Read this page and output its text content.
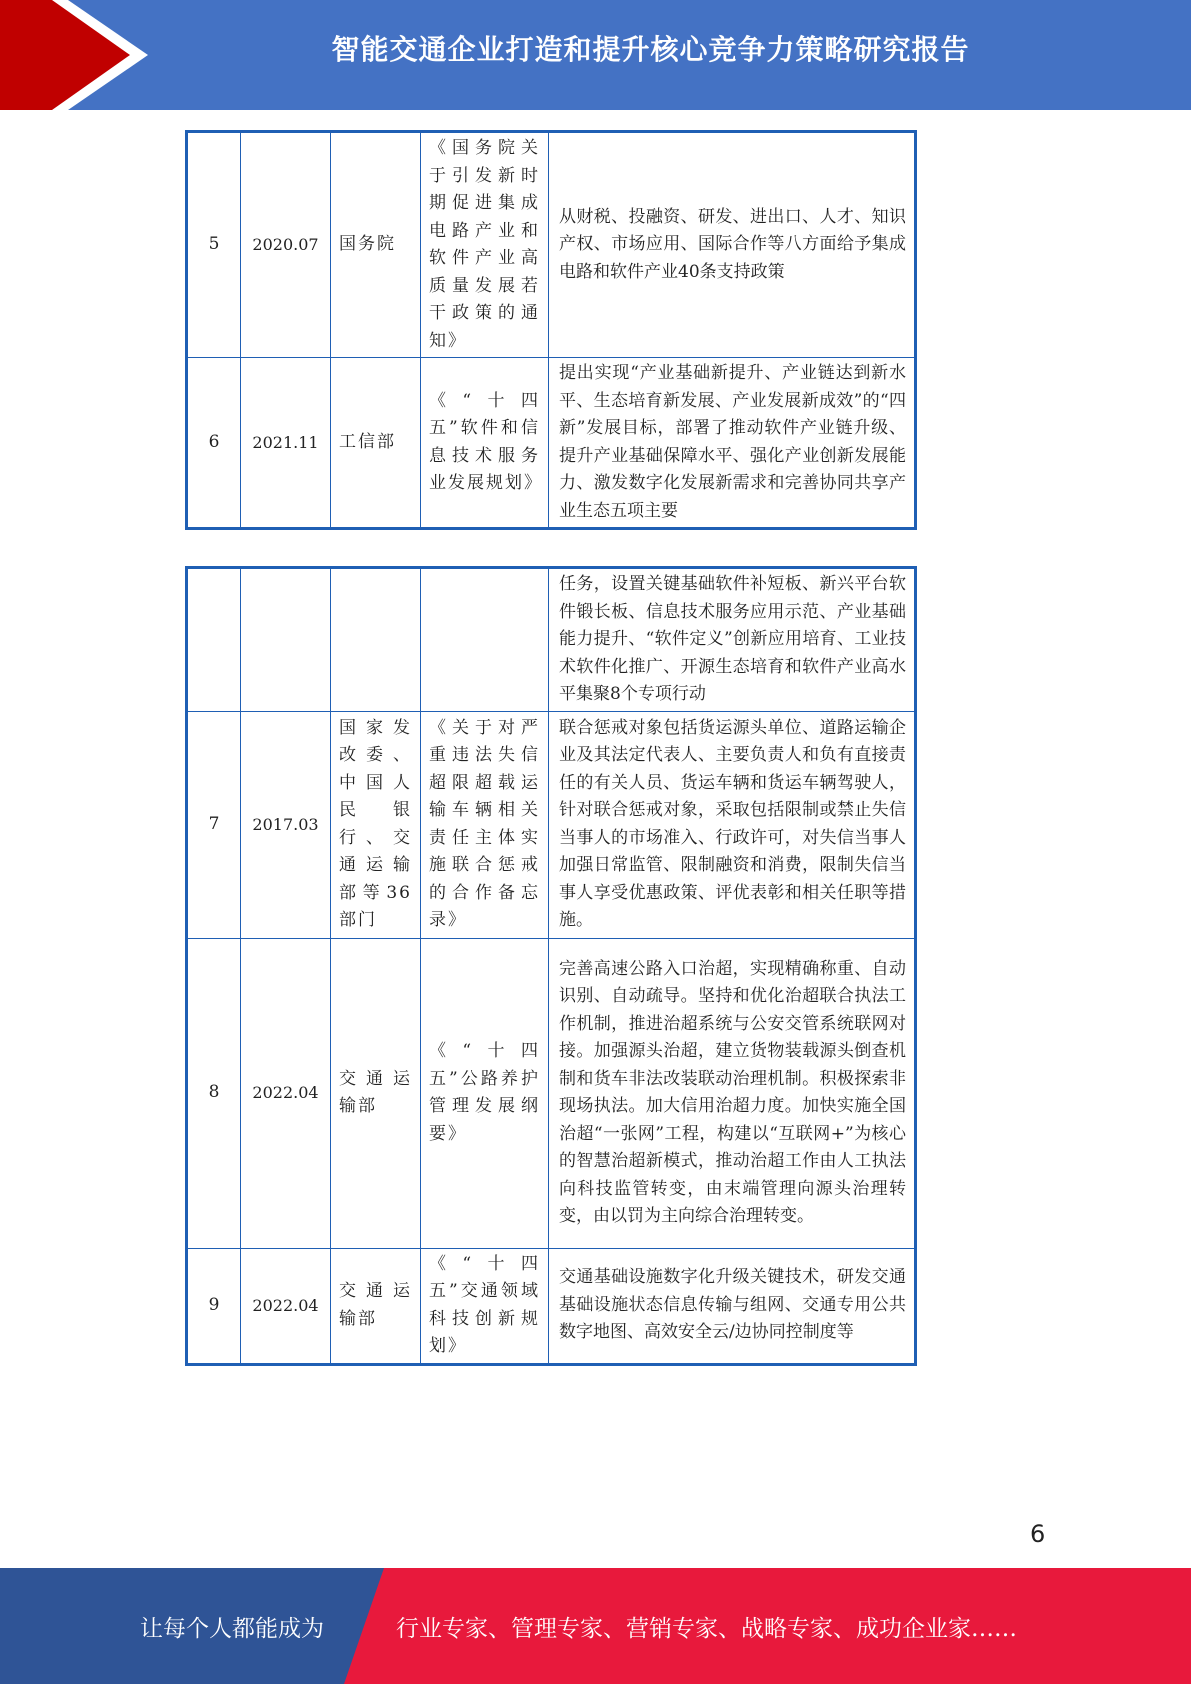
智能交通企业打造和提升核心竞争力策略研究报告
5	2020.07	国务院	《国务院关于引发新时期促进集成电路产业和软件产业高质量发展若干政策的通知》	从财税、投融资、研发、进出口、人才、知识产权、市场应用、国际合作等八方面给予集成电路和软件产业40条支持政策
6	2021.11	工信部	《“十四五”软件和信息技术服务业发展规划》	提出实现“产业基础新提升、产业链达到新水平、生态培育新发展、产业发展新成效”的“四新”发展目标，部署了推动软件产业链升级、提升产业基础保障水平、强化产业创新发展能力、激发数字化发展新需求和完善协同共享产业生态五项主要
				任务，设置关键基础软件补短板、新兴平台软件锻长板、信息技术服务应用示范、产业基础能力提升、“软件定义”创新应用培育、工业技术软件化推广、开源生态培育和软件产业高水平集聚8个专项行动
7	2017.03	国家发改委、中国人民银行、交通运输部等36部门	《关于对严重违法失信超限超载运输车辆相关责任主体实施联合惩戒的合作备忘录》	联合惩戒对象包括货运源头单位、道路运输企业及其法定代表人、主要负责人和负有直接责任的有关人员、货运车辆和货运车辆驾驶人，针对联合惩戒对象，采取包括限制或禁止失信当事人的市场准入、行政许可，对失信当事人加强日常监管、限制融资和消费，限制失信当事人享受优惠政策、评优表彰和相关任职等措施。
8	2022.04	交通运输部	《“十四五”公路养护管理发展纲要》	完善高速公路入口治超，实现精确称重、自动识别、自动疏导。坚持和优化治超联合执法工作机制，推进治超系统与公安交管系统联网对接。加强源头治超，建立货物装载源头倒查机制和货车非法改装联动治理机制。积极探索非现场执法。加大信用治超力度。加快实施全国治超“一张网”工程，构建以“互联网+”为核心的智慧治超新模式，推动治超工作由人工执法向科技监管转变，由末端管理向源头治理转变，由以罚为主向综合治理转变。
9	2022.04	交通运输部	《“十四五”交通领域科技创新规划》	交通基础设施数字化升级关键技术，研发交通基础设施状态信息传输与组网、交通专用公共数字地图、高效安全云/边协同控制度等
6
让每个人都能成为	行业专家、管理专家、营销专家、战略专家、成功企业家……
